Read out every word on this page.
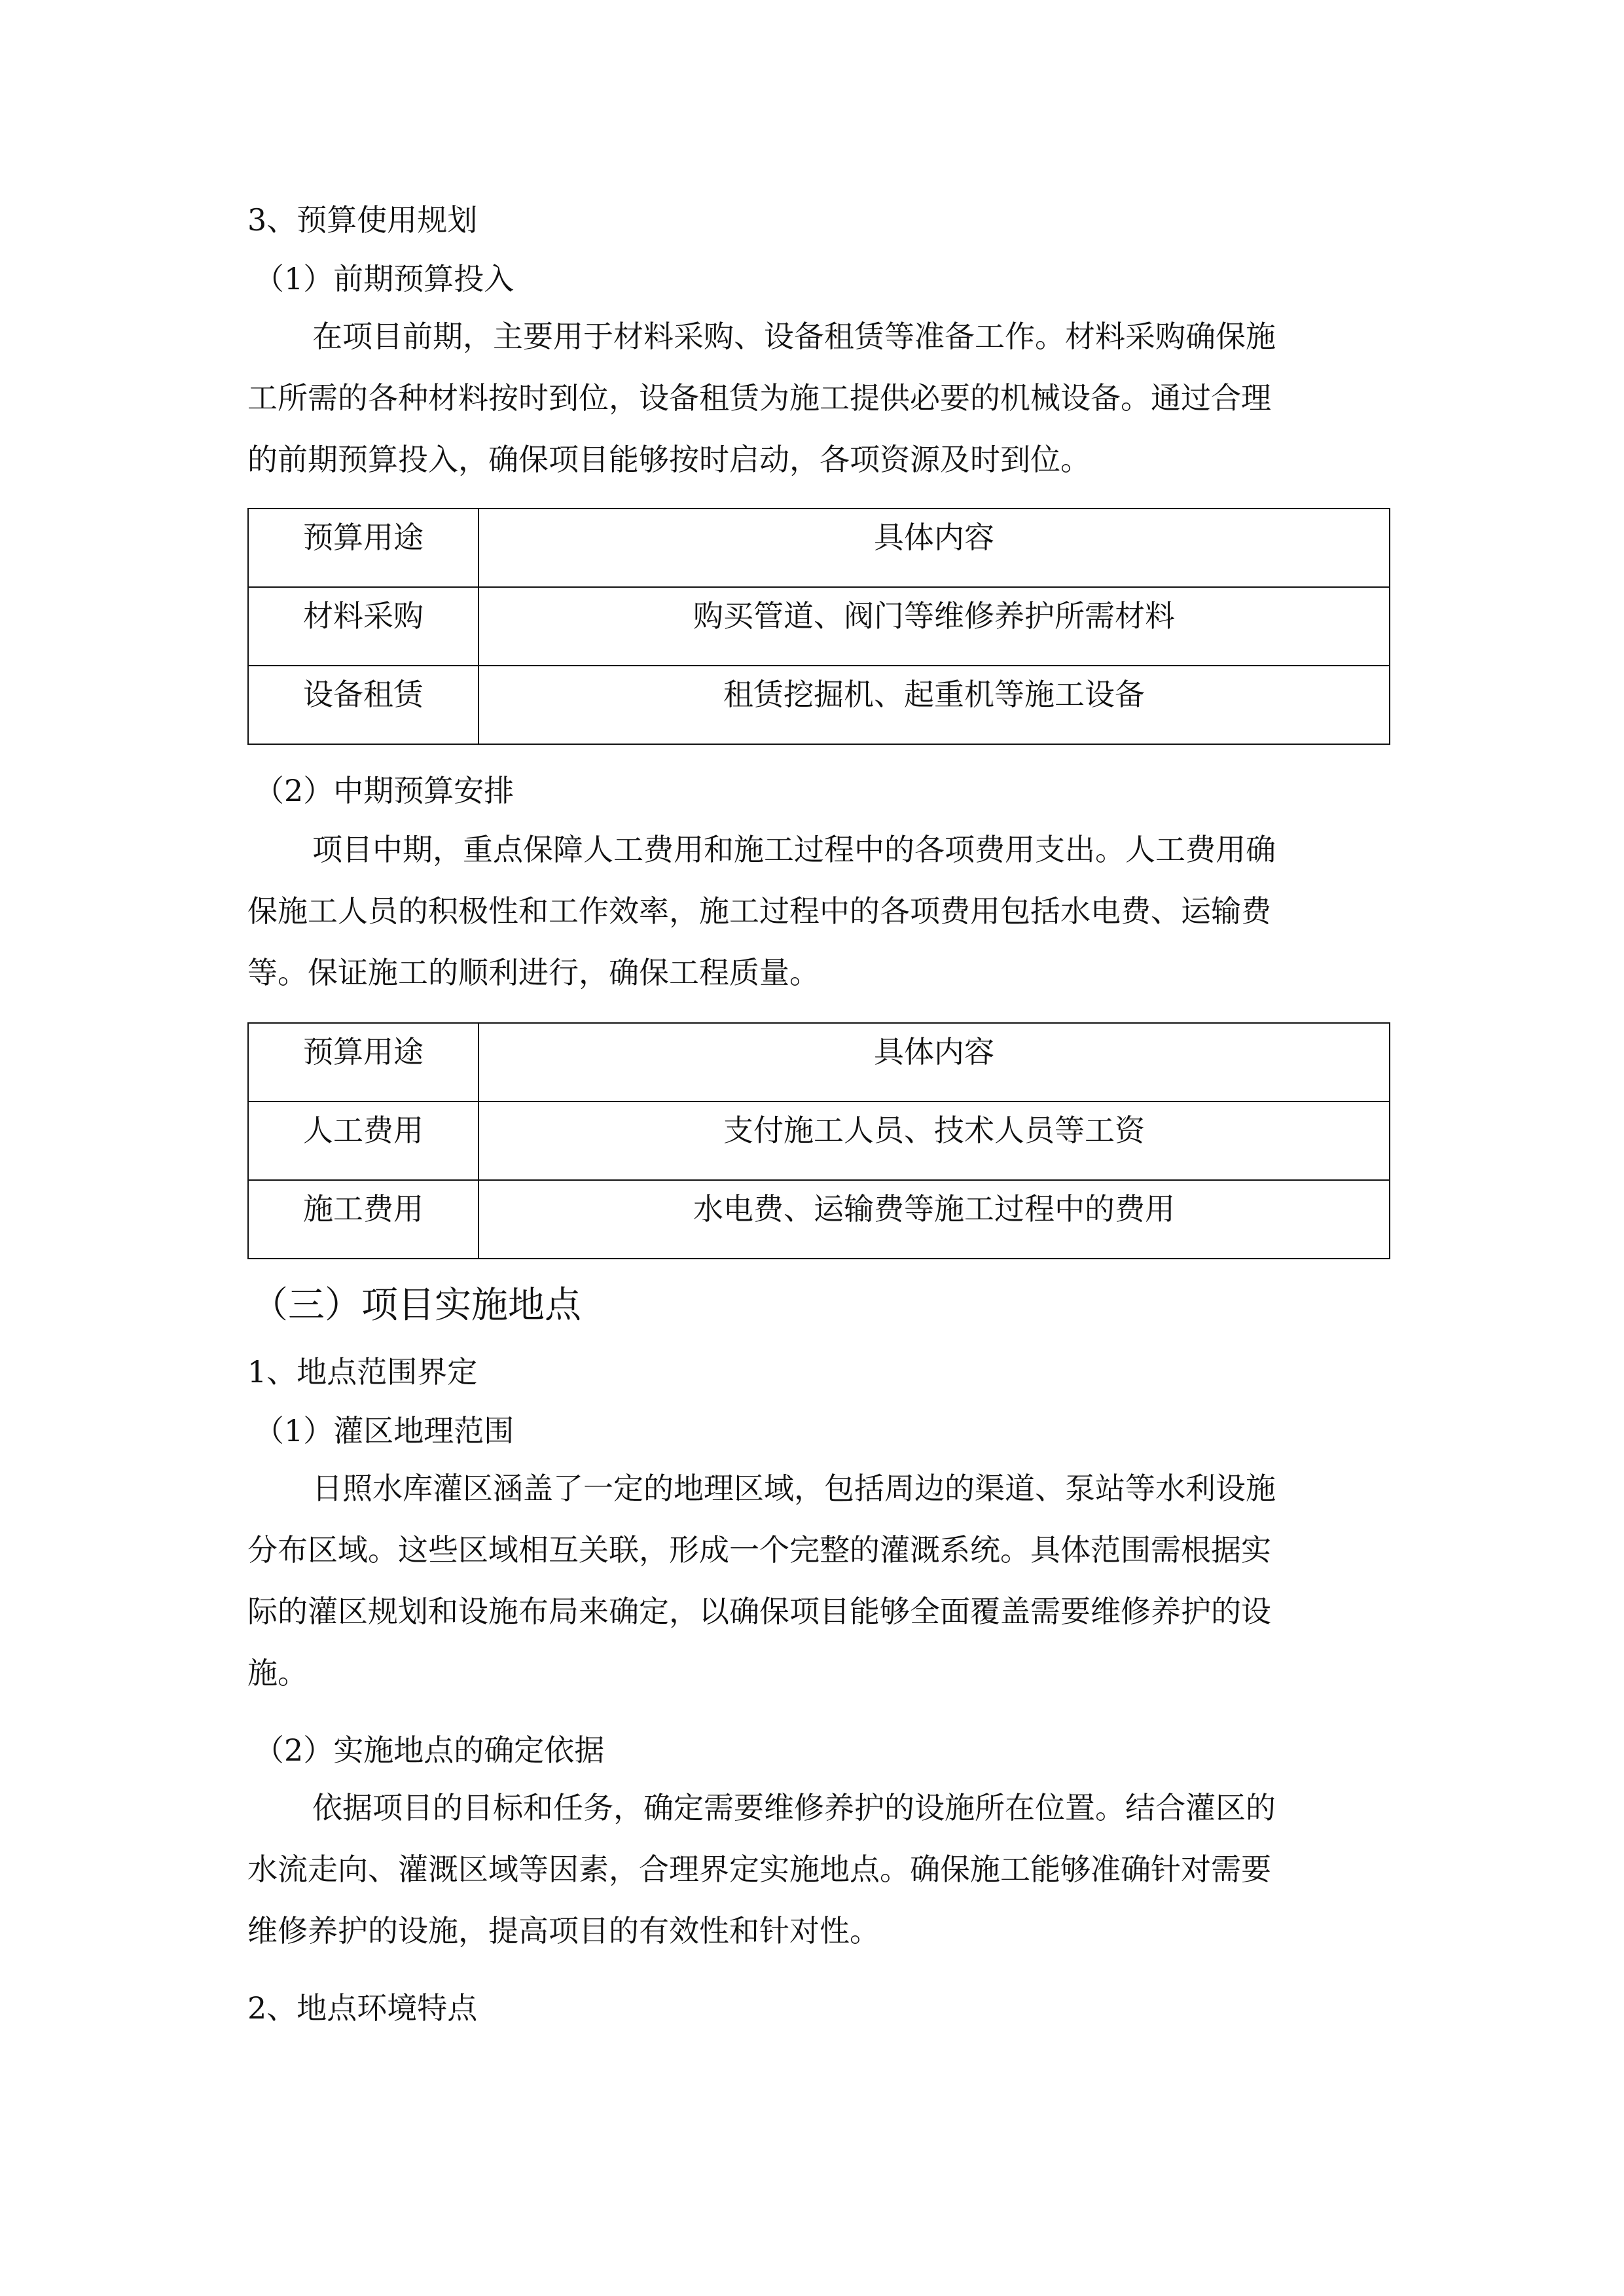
3、预算使用规划
（1）前期预算投入
在项目前期，主要用于材料采购、设备租赁等准备工作。材料采购确保施
工所需的各种材料按时到位，设备租赁为施工提供必要的机械设备。通过合理
的前期预算投入，确保项目能够按时启动，各项资源及时到位。
预算用途	具体内容
材料采购	购买管道、阀门等维修养护所需材料
设备租赁	租赁挖掘机、起重机等施工设备
（2）中期预算安排
项目中期，重点保障人工费用和施工过程中的各项费用支出。人工费用确
保施工人员的积极性和工作效率，施工过程中的各项费用包括水电费、运输费
等。保证施工的顺利进行，确保工程质量。
预算用途	具体内容
人工费用	支付施工人员、技术人员等工资
施工费用	水电费、运输费等施工过程中的费用
（三）项目实施地点
1、地点范围界定
（1）灌区地理范围
日照水库灌区涵盖了一定的地理区域，包括周边的渠道、泵站等水利设施
分布区域。这些区域相互关联，形成一个完整的灌溉系统。具体范围需根据实
际的灌区规划和设施布局来确定，以确保项目能够全面覆盖需要维修养护的设
施。
（2）实施地点的确定依据
依据项目的目标和任务，确定需要维修养护的设施所在位置。结合灌区的
水流走向、灌溉区域等因素，合理界定实施地点。确保施工能够准确针对需要
维修养护的设施，提高项目的有效性和针对性。
2、地点环境特点
